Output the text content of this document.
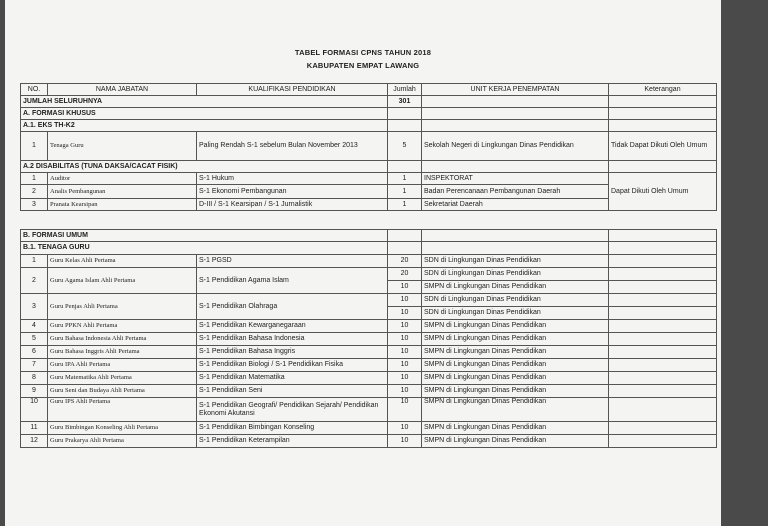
TABEL FORMASI CPNS TAHUN 2018
KABUPATEN EMPAT LAWANG
NO.	NAMA JABATAN	KUALIFIKASI PENDIDIKAN	Jumlah	UNIT KERJA PENEMPATAN	Keterangan
JUMLAH SELURUHNYA			301		
A. FORMASI KHUSUS					
A.1. EKS TH-K2					
1	Tenaga Guru	Paling Rendah S-1 sebelum Bulan November 2013	5	Sekolah Negeri di Lingkungan Dinas Pendidikan	Tidak Dapat Dikuti Oleh Umum
A.2 DISABILITAS (TUNA DAKSA/CACAT FISIK)					
1	Auditor	S-1 Hukum	1	INSPEKTORAT	Dapat Dikuti Oleh Umum
2	Analis Pembangunan	S-1 Ekonomi Pembangunan	1	Badan Perencanaan Pembangunan Daerah	
3	Pranata Kearsipan	D-III / S-1 Kearsipan / S-1 Jurnalistik	1	Sekretariat Daerah	
B. FORMASI UMUM					
B.1. TENAGA GURU					
1	Guru Kelas Ahli Pertama	S-1 PGSD	20	SDN di Lingkungan Dinas Pendidikan	
2	Guru Agama Islam Ahli Pertama	S-1 Pendidikan Agama Islam	20	SDN di Lingkungan Dinas Pendidikan	
			10	SMPN di Lingkungan Dinas Pendidikan	
3	Guru Penjas Ahli Pertama	S-1 Pendidikan Olahraga	10	SDN di Lingkungan Dinas Pendidikan	
			10	SDN di Lingkungan Dinas Pendidikan	
4	Guru PPKN Ahli Pertama	S-1 Pendidikan Kewarganegaraan	10	SMPN di Lingkungan Dinas Pendidikan	
5	Guru Bahasa Indonesia Ahli Pertama	S-1 Pendidikan Bahasa Indonesia	10	SMPN di Lingkungan Dinas Pendidikan	
6	Guru Bahasa Inggris Ahli Pertama	S-1 Pendidikan Bahasa Inggris	10	SMPN di Lingkungan Dinas Pendidikan	
7	Guru IPA Ahli Pertama	S-1 Pendidikan Biologi / S-1 Pendidikan Fisika	10	SMPN di Lingkungan Dinas Pendidikan	
8	Guru Matematika Ahli Pertama	S-1 Pendidikan Matematika	10	SMPN di Lingkungan Dinas Pendidikan	
9	Guru Seni dan Budaya Ahli Pertama	S-1 Pendidikan Seni	10	SMPN di Lingkungan Dinas Pendidikan	
10	Guru IPS Ahli Pertama	S-1 Pendidikan Geografi/ Pendidikan Sejarah/ Pendidikan Ekonomi Akutansi	10	SMPN di Lingkungan Dinas Pendidikan	
11	Guru Bimbingan Konseling Ahli Pertama	S-1 Pendidikan Bimbingan Konseling	10	SMPN di Lingkungan Dinas Pendidikan	
12	Guru Prakarya Ahli Pertama	S-1 Pendidikan Keterampilan	10	SMPN di Lingkungan Dinas Pendidikan	
